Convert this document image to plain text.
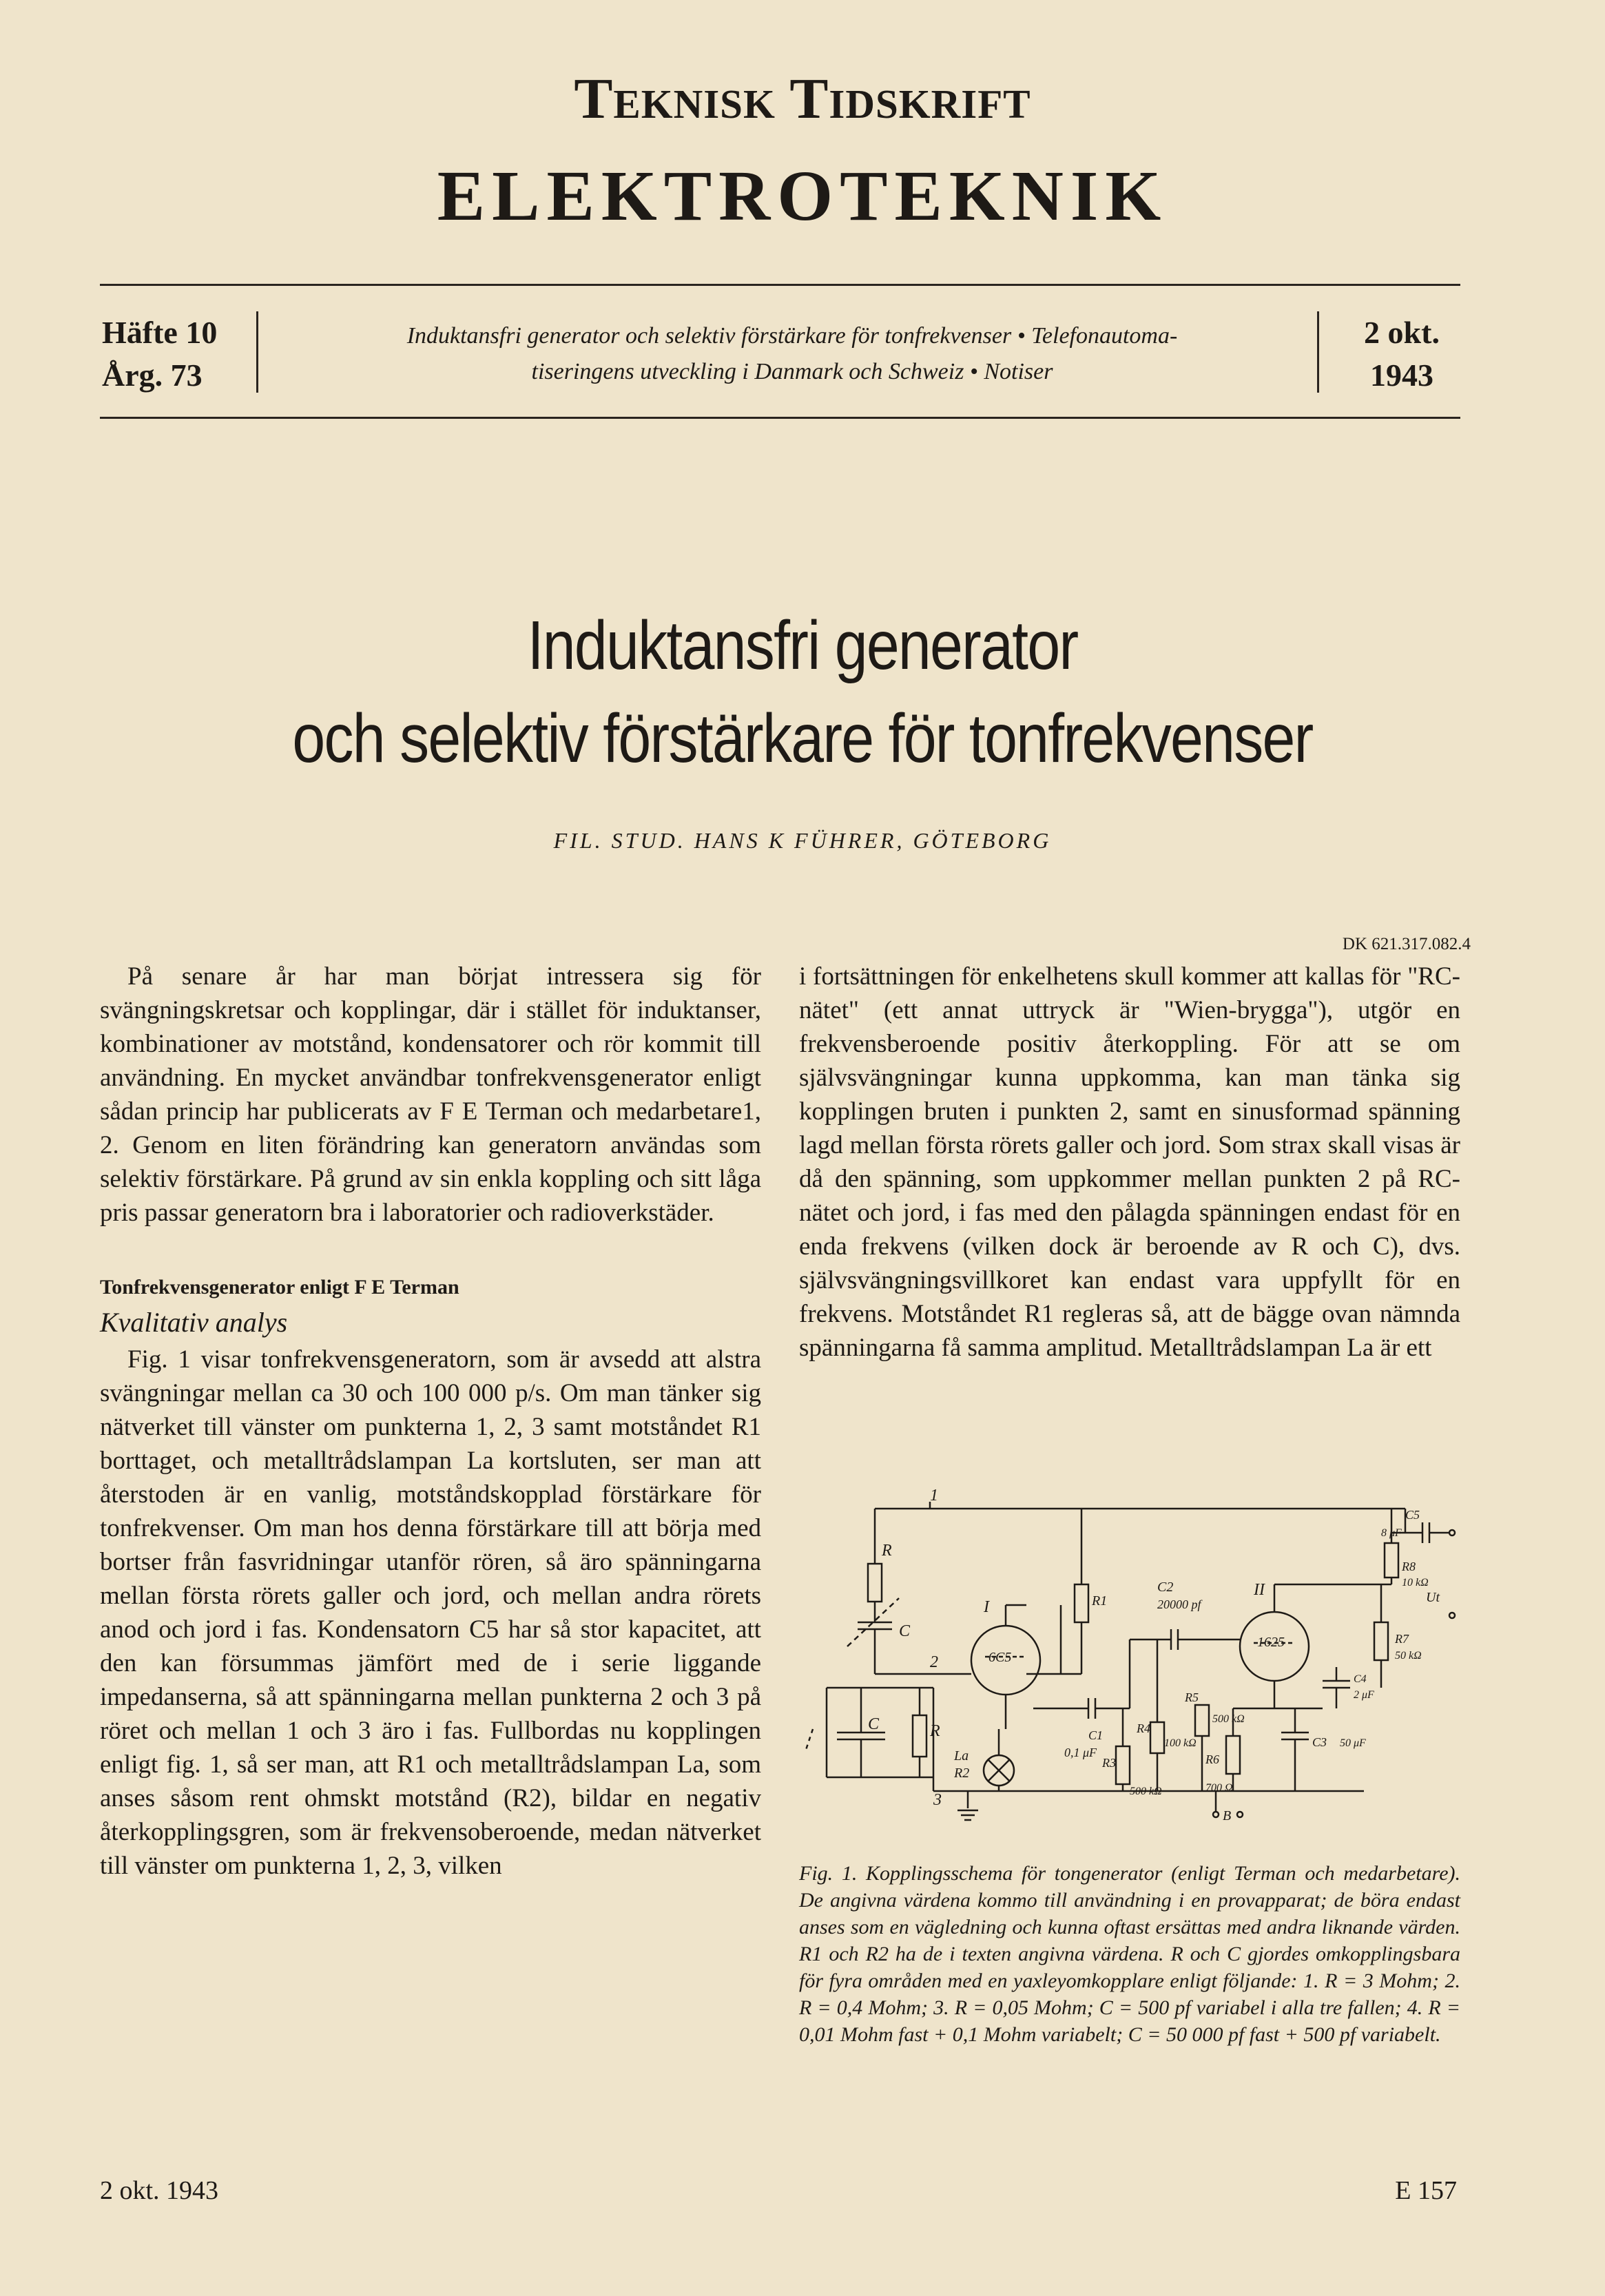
Teknisk Tidskrift
ELEKTROTEKNIK
Häfte 10
Årg. 73
Induktansfri generator och selektiv förstärkare för tonfrekvenser • Telefonautoma-
tiseringens utveckling i Danmark och Schweiz • Notiser
2 okt.
1943
Induktansfri generator
och selektiv förstärkare för tonfrekvenser
FIL. STUD. HANS K FÜHRER, GÖTEBORG
DK 621.317.082.4

På senare år har man börjat intressera sig för svängningskretsar och kopplingar, där i stället för induktanser, kombinationer av motstånd, kondensatorer och rör kommit till användning. En mycket användbar tonfrekvensgenerator enligt sådan princip har publicerats av F E Terman och medarbetare1, 2. Genom en liten förändring kan generatorn användas som selektiv förstärkare. På grund av sin enkla koppling och sitt låga pris passar generatorn bra i laboratorier och radioverkstäder.

Tonfrekvensgenerator enligt F E Terman

Kvalitativ analys

Fig. 1 visar tonfrekvensgeneratorn, som är avsedd att alstra svängningar mellan ca 30 och 100 000 p/s. Om man tänker sig nätverket till vänster om punkterna 1, 2, 3 samt motståndet R1 borttaget, och metalltrådslampan La kortsluten, ser man att återstoden är en vanlig, motståndskopplad förstärkare för tonfrekvenser. Om man hos denna förstärkare till att börja med bortser från fasvridningar utanför rören, så äro spänningarna mellan första rörets galler och jord, och mellan andra rörets anod och jord i fas. Kondensatorn C5 har så stor kapacitet, att den kan försummas jämfört med de i serie liggande impedanserna, så att spänningarna mellan punkterna 2 och 3 på röret och mellan 1 och 3 äro i fas. Fullbordas nu kopplingen enligt fig. 1, så ser man, att R1 och metalltrådslampan La, som anses såsom rent ohmskt motstånd (R2), bildar en negativ återkopplingsgren, som är frekvensoberoende, medan nätverket till vänster om punkterna 1, 2, 3, vilken

i fortsättningen för enkelhetens skull kommer att kallas för "RC-nätet" (ett annat uttryck är "Wien-brygga"), utgör en frekvensberoende positiv återkoppling. För att se om självsvängningar kunna uppkomma, kan man tänka sig kopplingen bruten i punkten 2, samt en sinusformad spänning lagd mellan första rörets galler och jord. Som strax skall visas är då den spänning, som uppkommer mellan punkten 2 på RC-nätet och jord, i fas med den pålagda spänningen endast för en enda frekvens (vilken dock är beroende av R och C), dvs. självsvängningsvillkoret kan endast vara uppfyllt för en frekvens. Motståndet R1 regleras så, att de bägge ovan nämnda spänningarna få samma amplitud. Metalltrådslampan La är ett

R
C
1
2
3
C	R
I
6C5
R1
La
R2
C1
0,1 μF
R3
500 kΩ
C2
20000 pf
R4
100 kΩ
R5
500 kΩ
R6
700 Ω
II
1625
C3 50 μF
C4
2 μF
R7
50 kΩ
R8
10 kΩ
C5
8 μF
Ut
B
Fig. 1. Kopplingsschema för tongenerator (enligt Terman och medarbetare). De angivna värdena kommo till användning i en provapparat; de böra endast anses som en vägledning och kunna oftast ersättas med andra liknande värden. R1 och R2 ha de i texten angivna värdena. R och C gjordes omkopplingsbara för fyra områden med en yaxleyomkopplare enligt följande: 1. R = 3 Mohm; 2. R = 0,4 Mohm; 3. R = 0,05 Mohm; C = 500 pf variabel i alla tre fallen; 4. R = 0,01 Mohm fast + 0,1 Mohm variabelt; C = 50 000 pf fast + 500 pf variabelt.
2 okt. 1943	E 157
